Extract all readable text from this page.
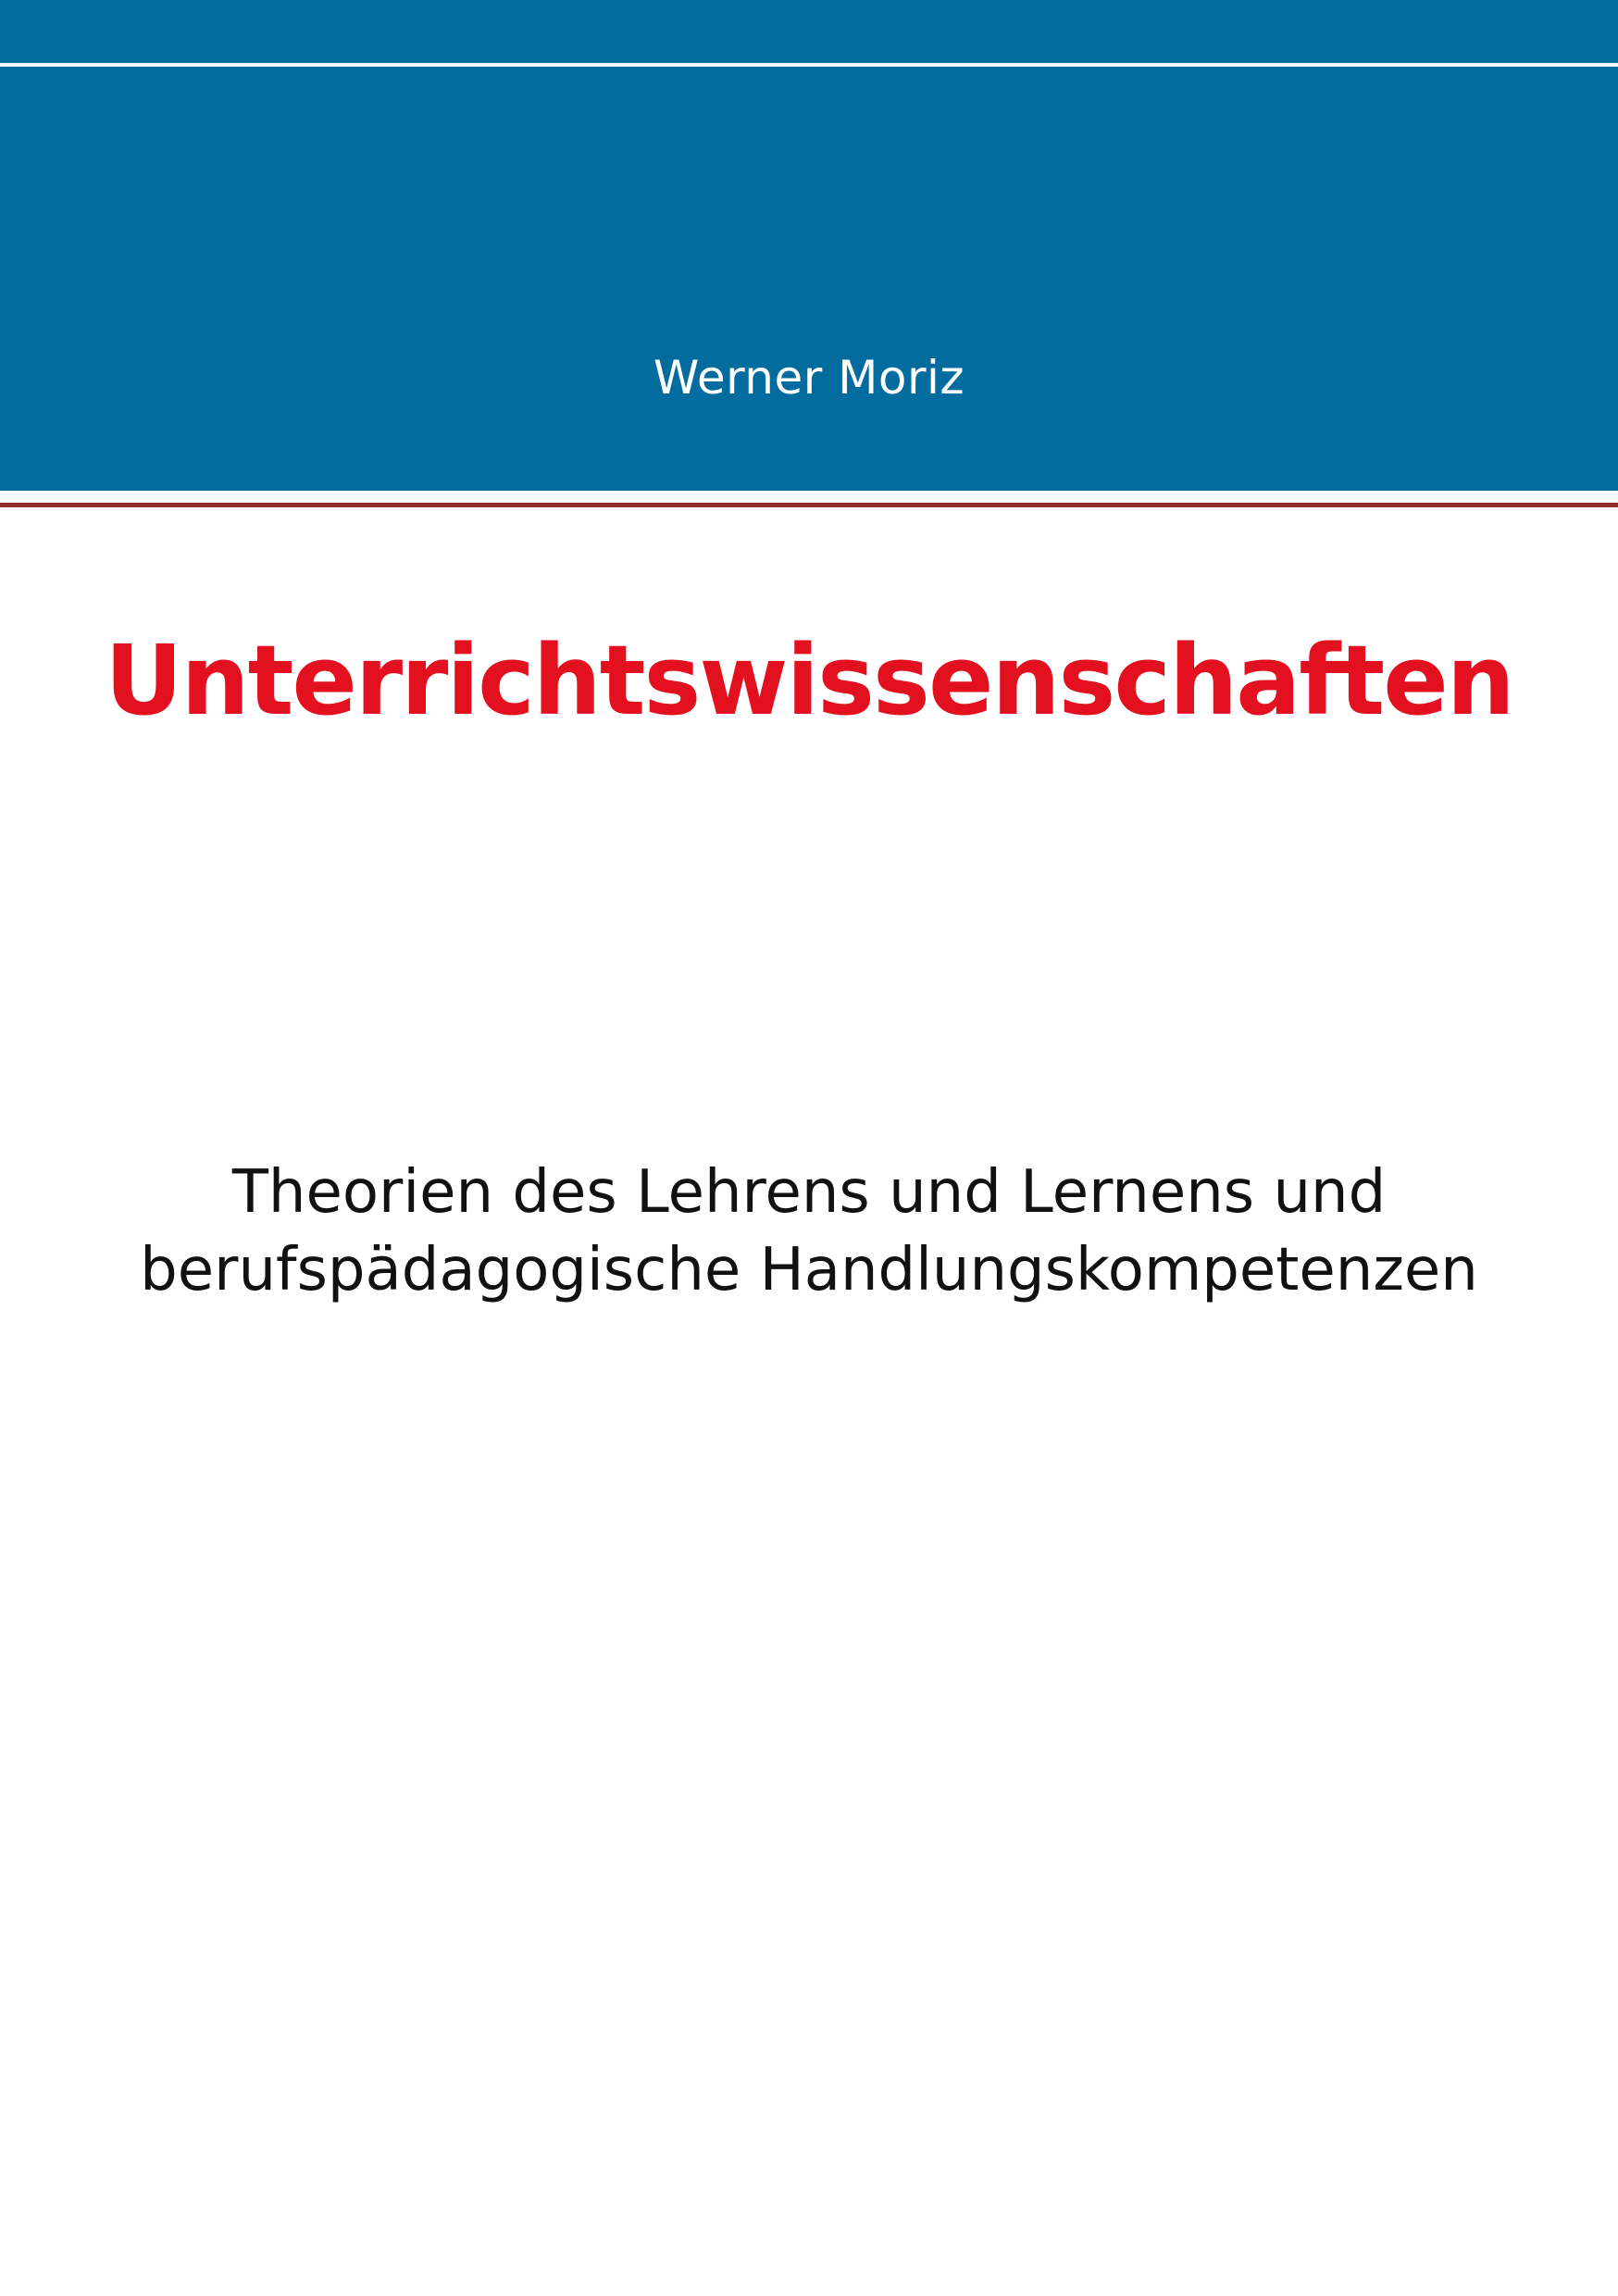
Werner Moriz
Unterrichtswissenschaften
Theorien des Lehrens und Lernens und
berufspädagogische Handlungskompetenzen
